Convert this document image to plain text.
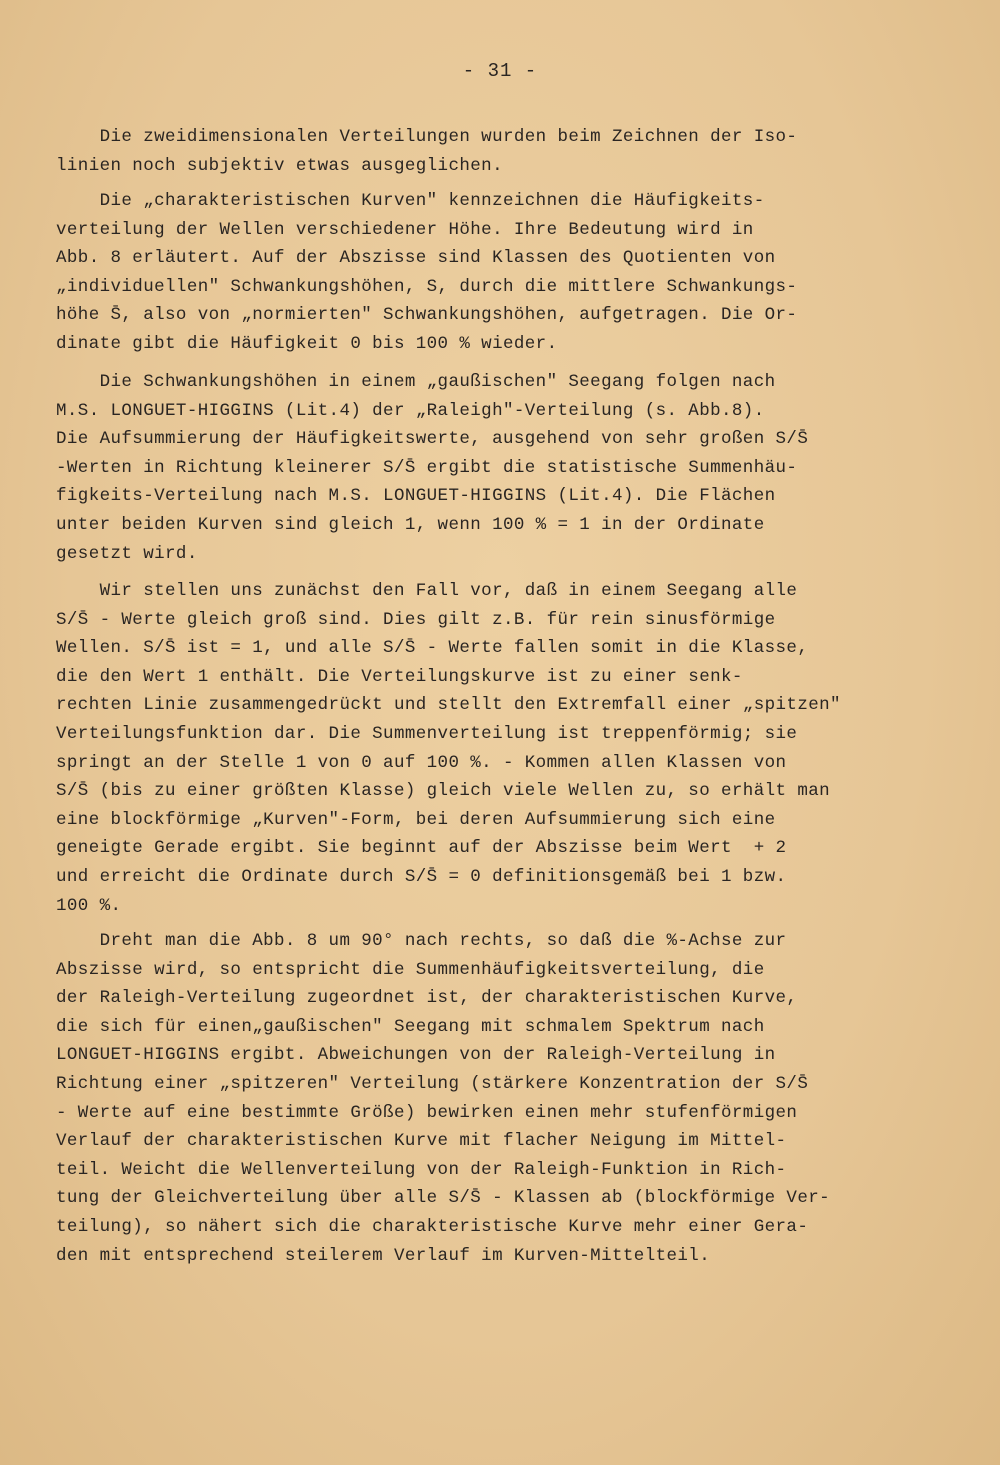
- 31 -
Die zweidimensionalen Verteilungen wurden beim Zeichnen der Iso-
linien noch subjektiv etwas ausgeglichen.
Die „charakteristischen Kurven" kennzeichnen die Häufigkeits-
verteilung der Wellen verschiedener Höhe. Ihre Bedeutung wird in
Abb. 8 erläutert. Auf der Abszisse sind Klassen des Quotienten von
„individuellen" Schwankungshöhen, S, durch die mittlere Schwankungs-
höhe S̄, also von „normierten" Schwankungshöhen, aufgetragen. Die Or-
dinate gibt die Häufigkeit 0 bis 100 % wieder.
Die Schwankungshöhen in einem „gaußischen" Seegang folgen nach
M.S. LONGUET-HIGGINS (Lit.4) der „Raleigh"-Verteilung (s. Abb.8).
Die Aufsummierung der Häufigkeitswerte, ausgehend von sehr großen S/S̄
-Werten in Richtung kleinerer S/S̄ ergibt die statistische Summenhäu-
figkeits-Verteilung nach M.S. LONGUET-HIGGINS (Lit.4). Die Flächen
unter beiden Kurven sind gleich 1, wenn 100 % = 1 in der Ordinate
gesetzt wird.
Wir stellen uns zunächst den Fall vor, daß in einem Seegang alle
S/S̄ - Werte gleich groß sind. Dies gilt z.B. für rein sinusförmige
Wellen. S/S̄ ist = 1, und alle S/S̄ - Werte fallen somit in die Klasse,
die den Wert 1 enthält. Die Verteilungskurve ist zu einer senk-
rechten Linie zusammengedrückt und stellt den Extremfall einer „spitzen"
Verteilungsfunktion dar. Die Summenverteilung ist treppenförmig; sie
springt an der Stelle 1 von 0 auf 100 %. - Kommen allen Klassen von
S/S̄ (bis zu einer größten Klasse) gleich viele Wellen zu, so erhält man
eine blockförmige „Kurven"-Form, bei deren Aufsummierung sich eine
geneigte Gerade ergibt. Sie beginnt auf der Abszisse beim Wert  + 2
und erreicht die Ordinate durch S/S̄ = 0 definitionsgemäß bei 1 bzw.
100 %.
Dreht man die Abb. 8 um 90° nach rechts, so daß die %-Achse zur
Abszisse wird, so entspricht die Summenhäufigkeitsverteilung, die
der Raleigh-Verteilung zugeordnet ist, der charakteristischen Kurve,
die sich für einen„gaußischen" Seegang mit schmalem Spektrum nach
LONGUET-HIGGINS ergibt. Abweichungen von der Raleigh-Verteilung in
Richtung einer „spitzeren" Verteilung (stärkere Konzentration der S/S̄
- Werte auf eine bestimmte Größe) bewirken einen mehr stufenförmigen
Verlauf der charakteristischen Kurve mit flacher Neigung im Mittel-
teil. Weicht die Wellenverteilung von der Raleigh-Funktion in Rich-
tung der Gleichverteilung über alle S/S̄ - Klassen ab (blockförmige Ver-
teilung), so nähert sich die charakteristische Kurve mehr einer Gera-
den mit entsprechend steilerem Verlauf im Kurven-Mittelteil.
